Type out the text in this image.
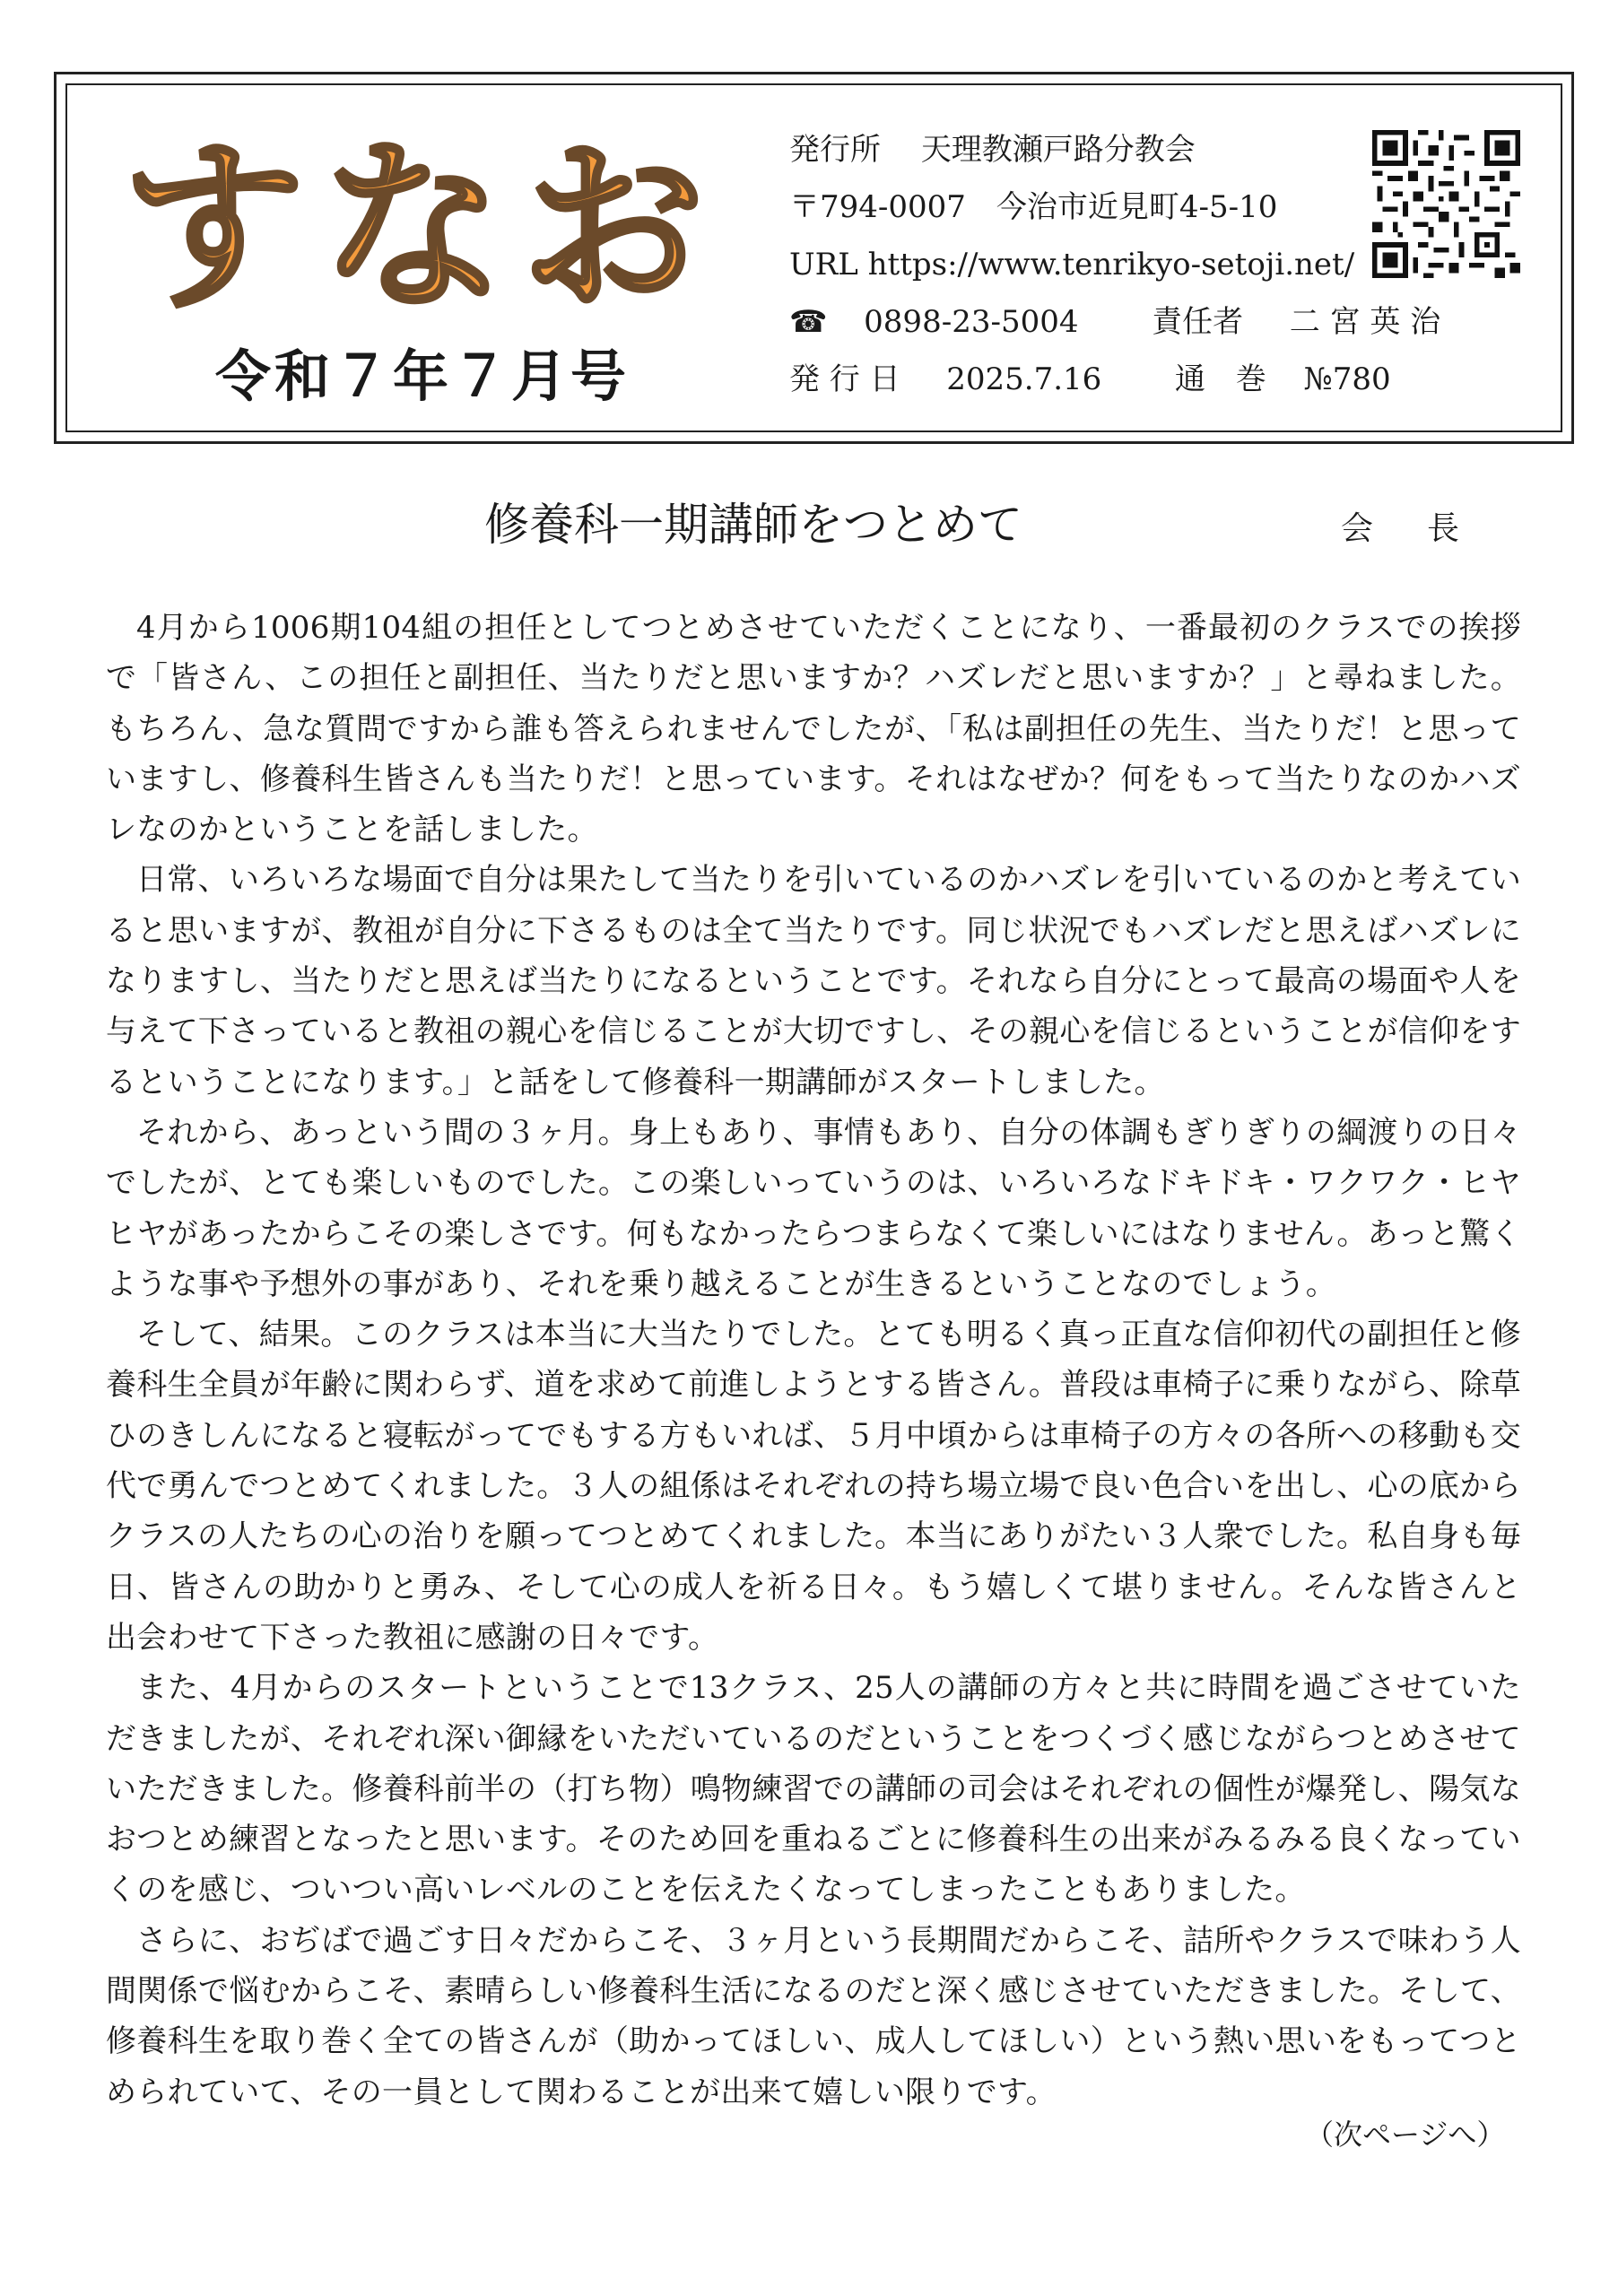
すなお
令和７年７月号
発行所　 天理教瀬戸路分教会
〒794-0007　今治市近見町4-5-10
URL https://www.tenrikyo-setoji.net/
☎ 0898-23-5004 責任者 二 宮 英 治
発 行 日 2025.7.16 通　巻 №780
修養科一期講師をつとめて	会長

4月から1006期104組の担任としてつとめさせていただくことになり、一番最初のクラスでの挨拶で「皆さん、この担任と副担任、当たりだと思いますか？ハズレだと思いますか？」と尋ねました。もちろん、急な質問ですから誰も答えられませんでしたが、「私は副担任の先生、当たりだ！と思っていますし、修養科生皆さんも当たりだ！と思っています。それはなぜか？何をもって当たりなのかハズレなのかということを話しました。

日常、いろいろな場面で自分は果たして当たりを引いているのかハズレを引いているのかと考えていると思いますが、教祖が自分に下さるものは全て当たりです。同じ状況でもハズレだと思えばハズレになりますし、当たりだと思えば当たりになるということです。それなら自分にとって最高の場面や人を与えて下さっていると教祖の親心を信じることが大切ですし、その親心を信じるということが信仰をするということになります。」と話をして修養科一期講師がスタートしました。

それから、あっという間の３ヶ月。身上もあり、事情もあり、自分の体調もぎりぎりの綱渡りの日々でしたが、とても楽しいものでした。この楽しいっていうのは、いろいろなドキドキ・ワクワク・ヒヤヒヤがあったからこその楽しさです。何もなかったらつまらなくて楽しいにはなりません。あっと驚くような事や予想外の事があり、それを乗り越えることが生きるということなのでしょう。

そして、結果。このクラスは本当に大当たりでした。とても明るく真っ正直な信仰初代の副担任と修養科生全員が年齢に関わらず、道を求めて前進しようとする皆さん。普段は車椅子に乗りながら、除草ひのきしんになると寝転がってでもする方もいれば、５月中頃からは車椅子の方々の各所への移動も交代で勇んでつとめてくれました。３人の組係はそれぞれの持ち場立場で良い色合いを出し、心の底からクラスの人たちの心の治りを願ってつとめてくれました。本当にありがたい３人衆でした。私自身も毎日、皆さんの助かりと勇み、そして心の成人を祈る日々。もう嬉しくて堪りません。そんな皆さんと出会わせて下さった教祖に感謝の日々です。

また、4月からのスタートということで13クラス、25人の講師の方々と共に時間を過ごさせていただきましたが、それぞれ深い御縁をいただいているのだということをつくづく感じながらつとめさせていただきました。修養科前半の（打ち物）鳴物練習での講師の司会はそれぞれの個性が爆発し、陽気なおつとめ練習となったと思います。そのため回を重ねるごとに修養科生の出来がみるみる良くなっていくのを感じ、ついつい高いレベルのことを伝えたくなってしまったこともありました。

さらに、おぢばで過ごす日々だからこそ、３ヶ月という長期間だからこそ、詰所やクラスで味わう人間関係で悩むからこそ、素晴らしい修養科生活になるのだと深く感じさせていただきました。そして、修養科生を取り巻く全ての皆さんが（助かってほしい、成人してほしい）という熱い思いをもってつとめられていて、その一員として関わることが出来て嬉しい限りです。

（次ページへ）
